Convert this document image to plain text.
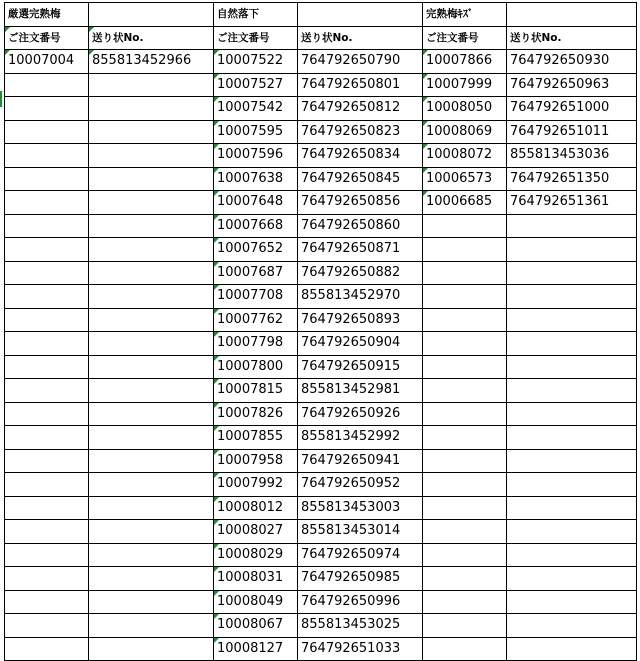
厳選完熟梅		自然落下		完熟梅ｷｽﾞ	
ご注文番号	送り状No.	ご注文番号	送り状No.	ご注文番号	送り状No.
10007004	855813452966	10007522	764792650790	10007866	764792650930
		10007527	764792650801	10007999	764792650963
		10007542	764792650812	10008050	764792651000
		10007595	764792650823	10008069	764792651011
		10007596	764792650834	10008072	855813453036
		10007638	764792650845	10006573	764792651350
		10007648	764792650856	10006685	764792651361
		10007668	764792650860		
		10007652	764792650871		
		10007687	764792650882		
		10007708	855813452970		
		10007762	764792650893		
		10007798	764792650904		
		10007800	764792650915		
		10007815	855813452981		
		10007826	764792650926		
		10007855	855813452992		
		10007958	764792650941		
		10007992	764792650952		
		10008012	855813453003		
		10008027	855813453014		
		10008029	764792650974		
		10008031	764792650985		
		10008049	764792650996		
		10008067	855813453025		
		10008127	764792651033		
